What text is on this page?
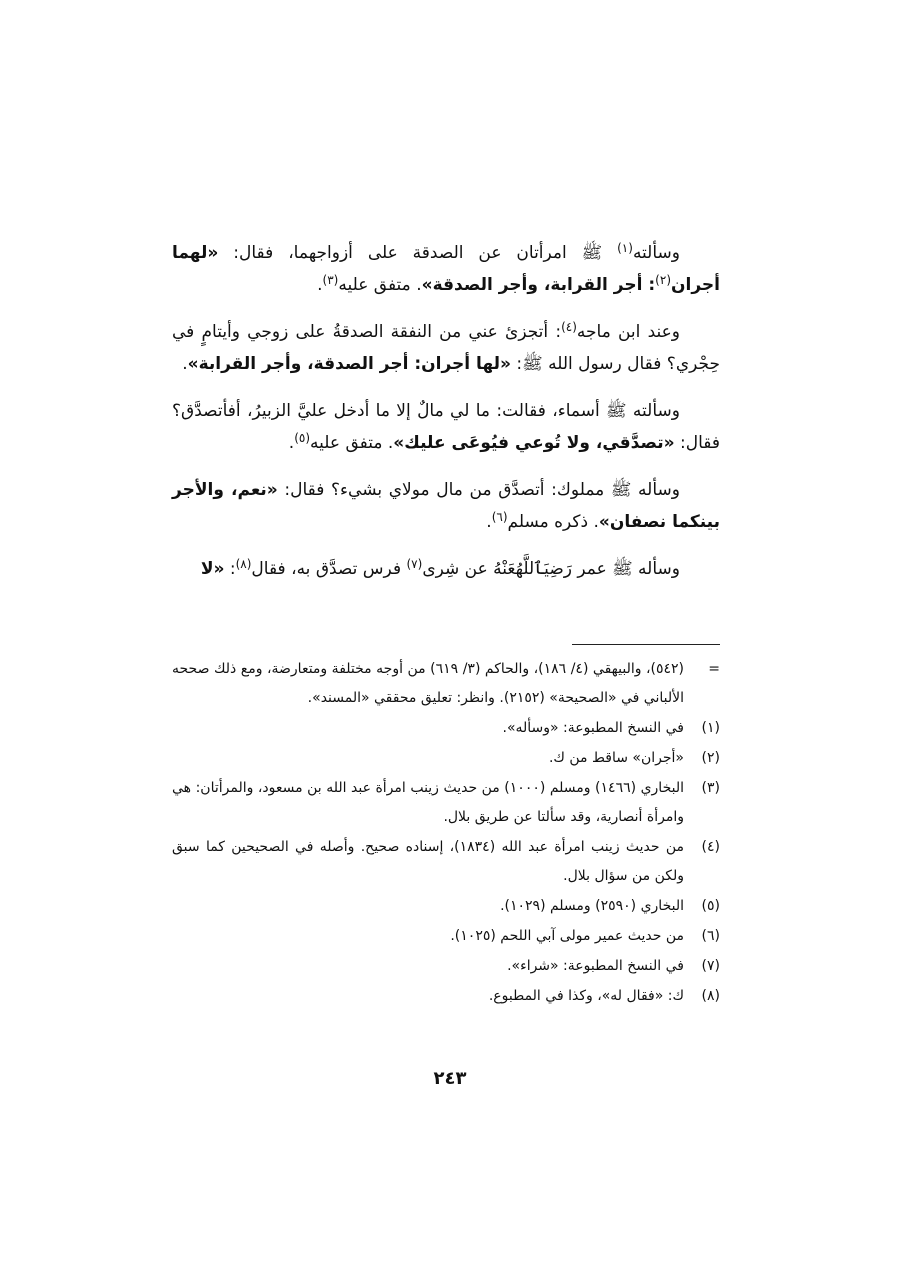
وسألته$^{(١)}$ ﷺ امرأتان عن الصدقة على أزواجهما، فقال: «لهما أجران$^{(٢)}$: أجر القرابة، وأجر الصدقة». متفق عليه$^{(٣)}$.

وعند ابن ماجه$^{(٤)}$: أتجزئ عني من النفقة الصدقةُ على زوجي وأيتامٍ في حِجْري؟ فقال رسول الله ﷺ: «لها أجران: أجر الصدقة، وأجر القرابة».

وسألته ﷺ أسماء، فقالت: ما لي مالٌ إلا ما أدخل عليَّ الزبيرُ، أفأتصدَّق؟ فقال: «تصدَّقي، ولا تُوعي فيُوعَى عليك». متفق عليه$^{(٥)}$.

وسأله ﷺ مملوك: أتصدَّق من مال مولاي بشيء؟ فقال: «نعم، والأجر بينكما نصفان». ذكره مسلم$^{(٦)}$.

وسأله ﷺ عمر رَضِيَٱللَّهُعَنْهُ عن شِرى$^{(٧)}$ فرس تصدَّق به، فقال$^{(٨)}$: «لا

=
(٥٤٢)، والبيهقي (٤/ ١٨٦)، والحاكم (٣/ ٦١٩) من أوجه مختلفة ومتعارضة، ومع ذلك صححه الألباني في «الصحيحة» (٢١٥٢). وانظر: تعليق محققي «المسند».
(١)
في النسخ المطبوعة: «وسأله».
(٢)
«أجران» ساقط من ك.
(٣)
البخاري (١٤٦٦) ومسلم (١٠٠٠) من حديث زينب امرأة عبد الله بن مسعود، والمرأتان: هي وامرأة أنصارية، وقد سألتا عن طريق بلال.
(٤)
من حديث زينب امرأة عبد الله (١٨٣٤)، إسناده صحيح. وأصله في الصحيحين كما سبق ولكن من سؤال بلال.
(٥)
البخاري (٢٥٩٠) ومسلم (١٠٢٩).
(٦)
من حديث عمير مولى آبي اللحم (١٠٢٥).
(٧)
في النسخ المطبوعة: «شراء».
(٨)
ك: «فقال له»، وكذا في المطبوع.
٢٤٣
